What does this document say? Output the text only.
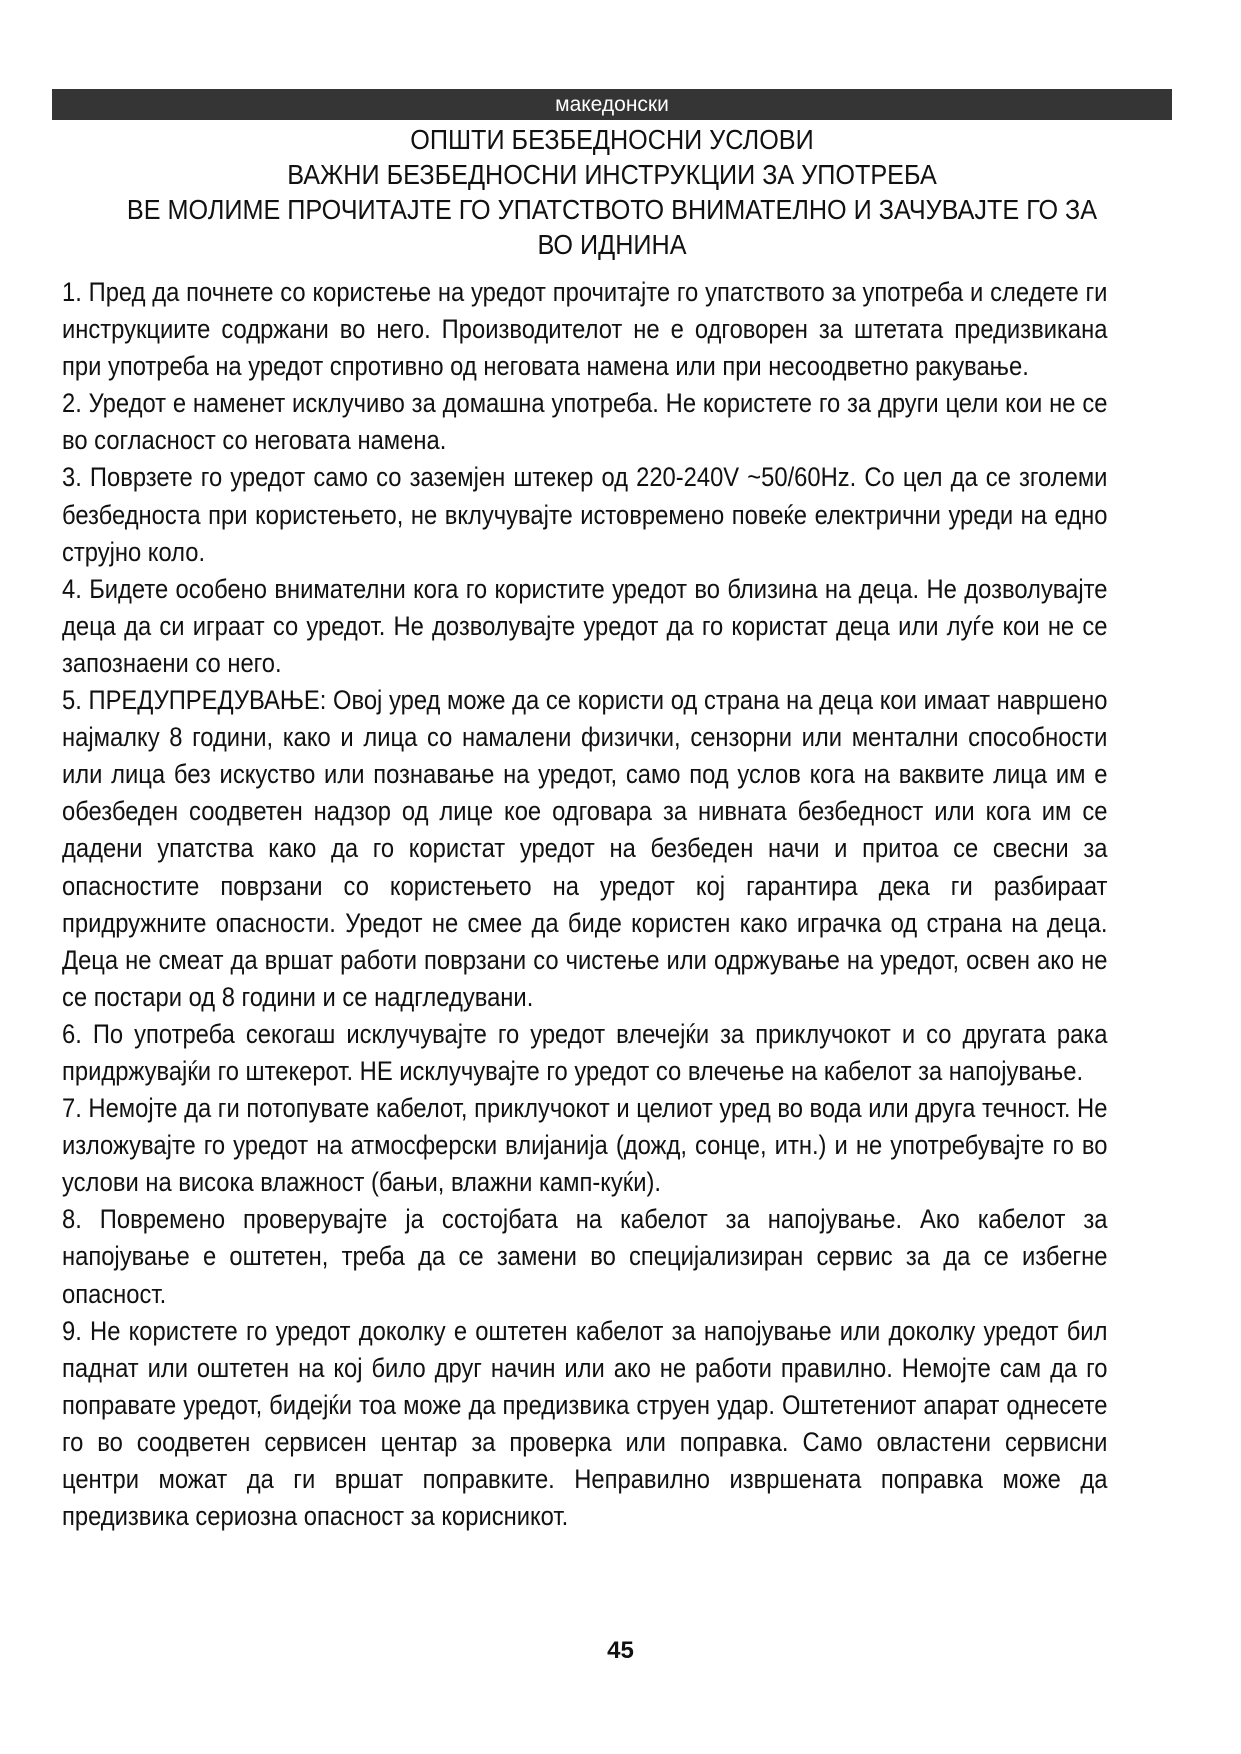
македонски
ОПШТИ БЕЗБЕДНОСНИ УСЛОВИ
ВАЖНИ БЕЗБЕДНОСНИ ИНСТРУКЦИИ ЗА УПОТРЕБА
ВЕ МОЛИМЕ ПРОЧИТАЈТЕ ГО УПАТСТВОТО ВНИМАТЕЛНО И ЗАЧУВАЈТЕ ГО ЗА ВО ИДНИНА

1. Пред да почнете со користење на уредот прочитајте го упатството за употреба и следете ги инструкциите содржани во него. Производителот не е одговорен за штетата предизвикана при употреба на уредот спротивно од неговата намена или при несоодветно ракување.

2. Уредот е наменет исклучиво за домашна употреба. Не користете го за други цели кои не се во согласност со неговата намена.

3. Поврзете го уредот само со заземјен штекер од 220-240V ~50/60Hz. Со цел да се зголеми безбедноста при користењето, не вклучувајте истовремено повеќе електрични уреди на едно струјно коло.

4. Бидете особено внимателни кога го користите уредот во близина на деца. Не дозволувајте деца да си играат со уредот. Не дозволувајте уредот да го користат деца или луѓе кои не се запознаени со него.

5. ПРЕДУПРЕДУВАЊЕ: Овој уред може да се користи од страна на деца кои имаат навршено најмалку 8 години, како и лица со намалени физички, сензорни или ментални способности или лица без искуство или познавање на уредот, само под услов кога на ваквите лица им е обезбеден соодветен надзор од лице кое одговара за нивната безбедност или кога им се дадени упатства како да го користат уредот на безбеден начи и притоа се свесни за опасностите поврзани со користењето на уредот кој гарантира дека ги разбираат придружните опасности. Уредот не смее да биде користен како играчка од страна на деца. Деца не смеат да вршат работи поврзани со чистење или одржување на уредот, освен ако не се постари од 8 години и се надгледувани.

6. По употреба секогаш исклучувајте го уредот влечејќи за приклучокот и со другата рака придржувајќи го штекерот. НЕ исклучувајте го уредот со влечење на кабелот за напојување.

7. Немојте да ги потопувате кабелот, приклучокот и целиот уред во вода или друга течност. Не изложувајте го уредот на атмосферски влијанија (дожд, сонце, итн.) и не употребувајте го во услови на висока влажност (бањи, влажни камп-куќи).

8. Повремено проверувајте ја состојбата на кабелот за напојување. Ако кабелот за напојување е оштетен, треба да се замени во специјализиран сервис за да се избегне опасност.

9. Не користете го уредот доколку е оштетен кабелот за напојување или доколку уредот бил паднат или оштетен на кој било друг начин или ако не работи правилно. Немојте сам да го поправате уредот, бидејќи тоа може да предизвика струен удар. Оштетениот апарат однесете го во соодветен сервисен центар за проверка или поправка. Само овластени сервисни центри можат да ги вршат поправките. Неправилно извршената поправка може да предизвика сериозна опасност за корисникот.

45
